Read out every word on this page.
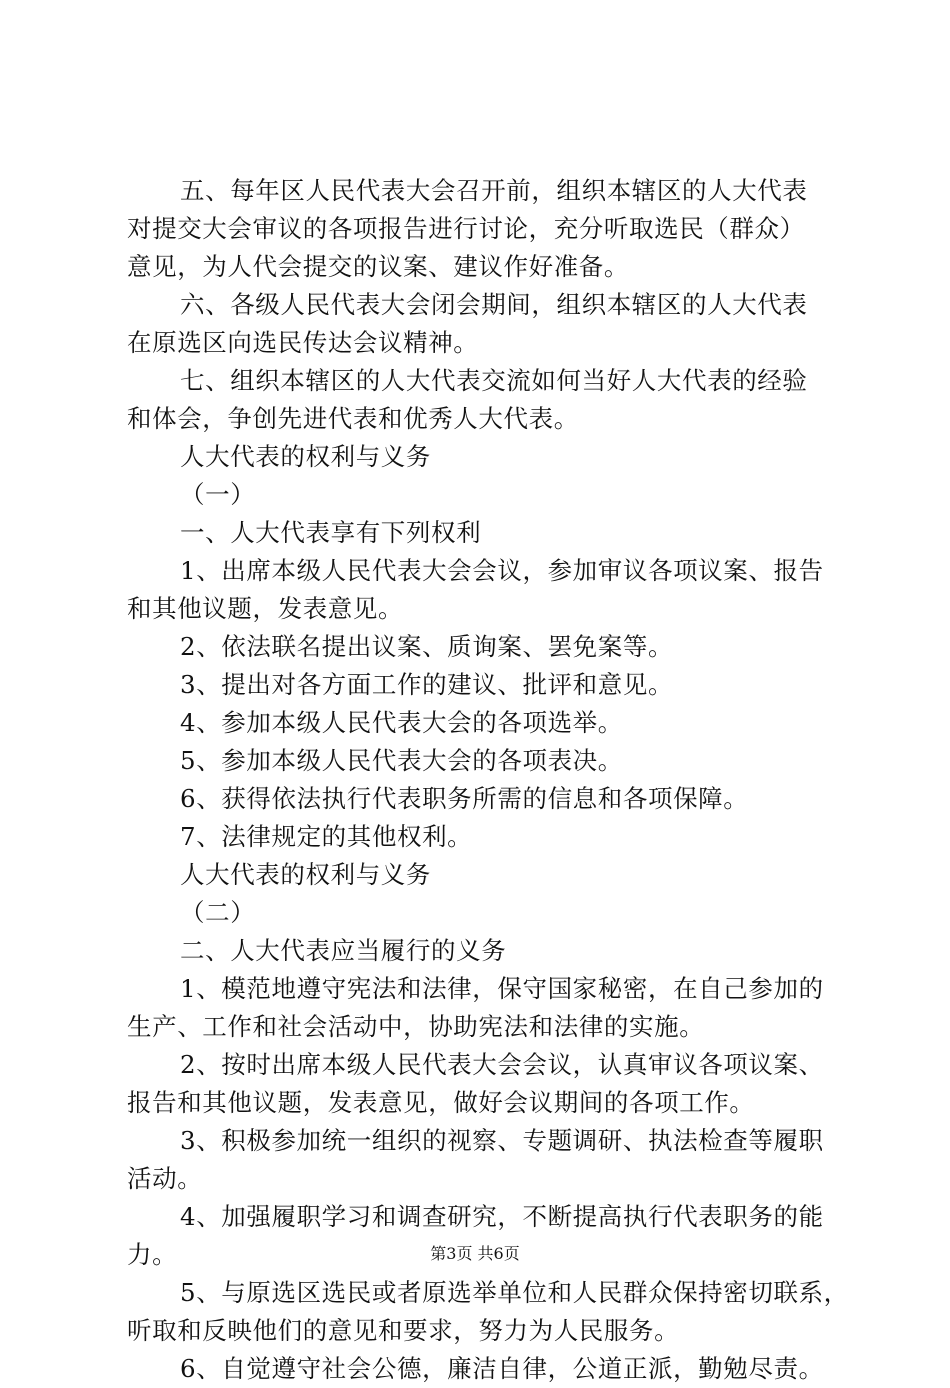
五、每年区人民代表大会召开前，组织本辖区的人大代表
对提交大会审议的各项报告进行讨论，充分听取选民（群众）
意见，为人代会提交的议案、建议作好准备。
六、各级人民代表大会闭会期间，组织本辖区的人大代表
在原选区向选民传达会议精神。
七、组织本辖区的人大代表交流如何当好人大代表的经验
和体会，争创先进代表和优秀人大代表。
人大代表的权利与义务
（一）
一、人大代表享有下列权利
1、出席本级人民代表大会会议，参加审议各项议案、报告
和其他议题，发表意见。
2、依法联名提出议案、质询案、罢免案等。
3、提出对各方面工作的建议、批评和意见。
4、参加本级人民代表大会的各项选举。
5、参加本级人民代表大会的各项表决。
6、获得依法执行代表职务所需的信息和各项保障。
7、法律规定的其他权利。
人大代表的权利与义务
（二）
二、人大代表应当履行的义务
1、模范地遵守宪法和法律，保守国家秘密，在自己参加的
生产、工作和社会活动中，协助宪法和法律的实施。
2、按时出席本级人民代表大会会议，认真审议各项议案、
报告和其他议题，发表意见，做好会议期间的各项工作。
3、积极参加统一组织的视察、专题调研、执法检查等履职
活动。
4、加强履职学习和调查研究，不断提高执行代表职务的能
力。
5、与原选区选民或者原选举单位和人民群众保持密切联系，
听取和反映他们的意见和要求，努力为人民服务。
6、自觉遵守社会公德，廉洁自律，公道正派，勤勉尽责。
第3页 共6页
